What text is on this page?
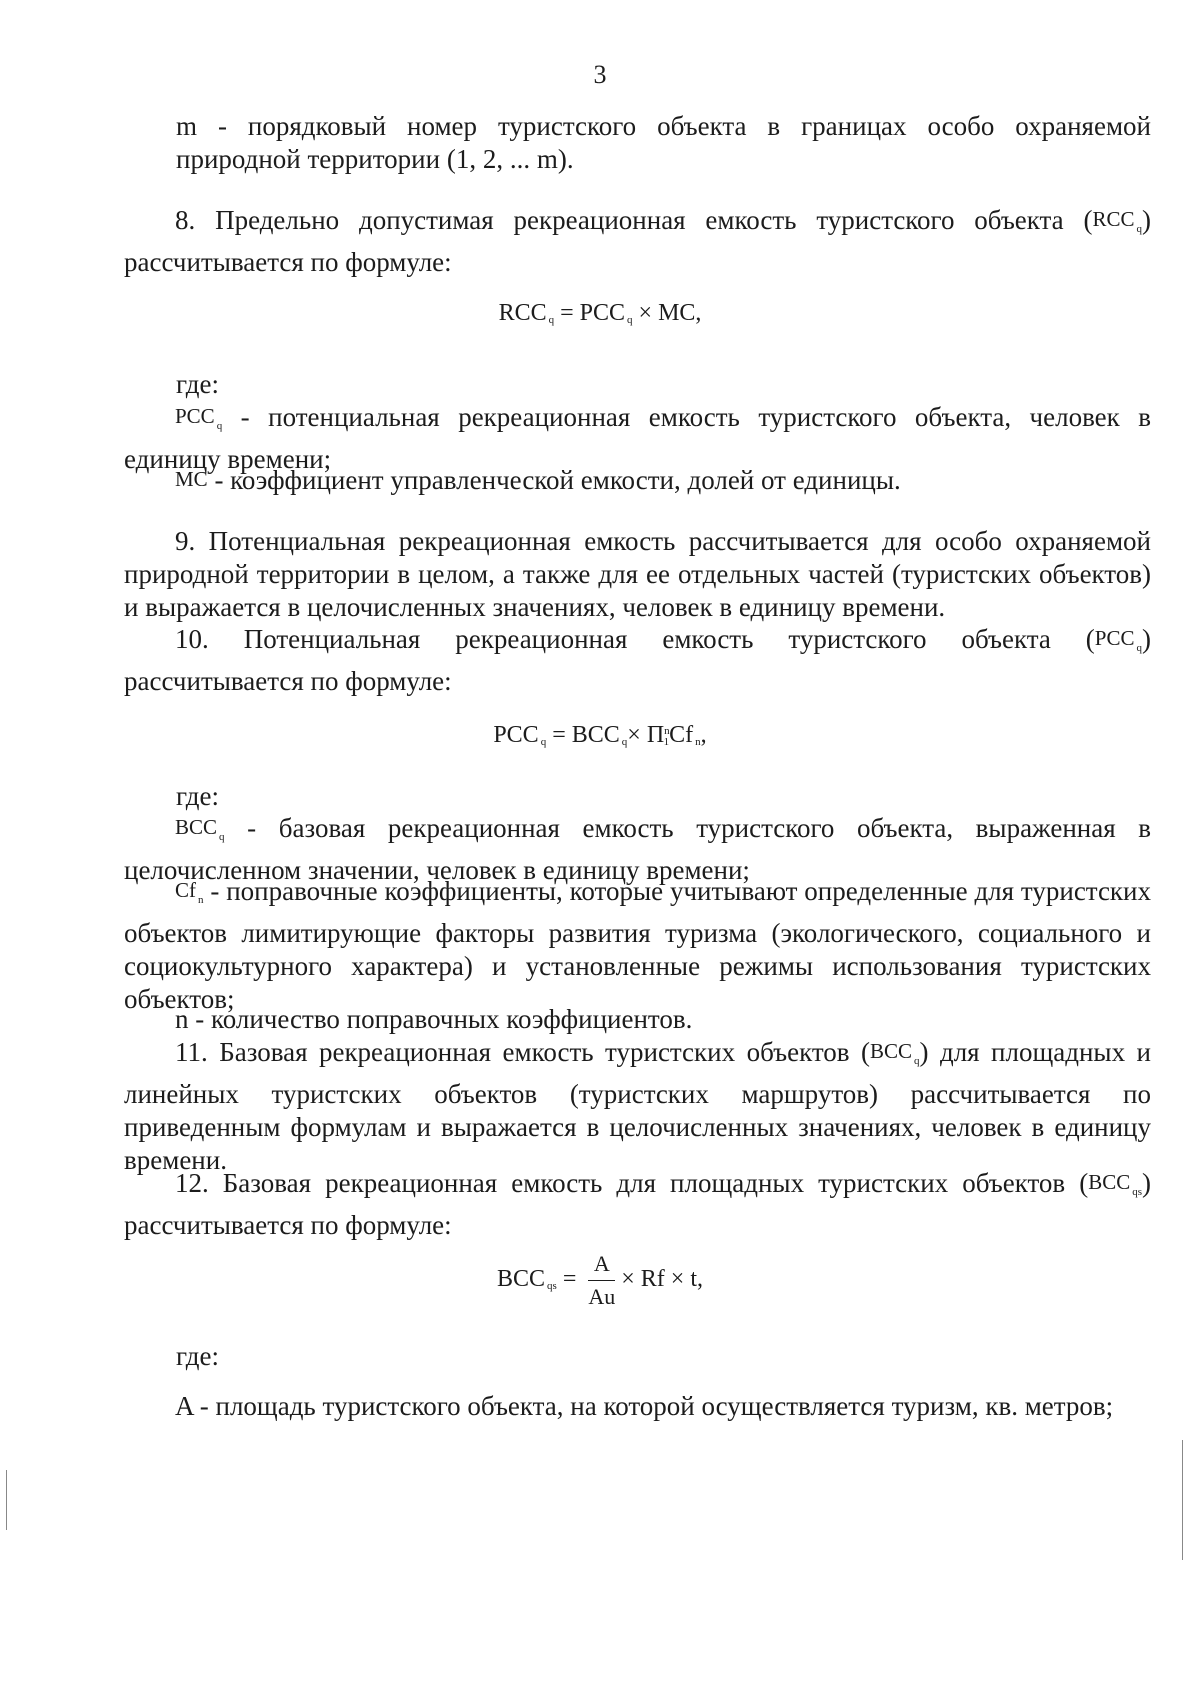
3
m - порядковый номер туристского объекта в границах особо охраняемой природной территории (1, 2, ... m).
8. Предельно допустимая рекреационная емкость туристского объекта (RCC $_q$) рассчитывается по формуле:
RCC $_q$ = PCC $_q$ × MC,
где:
PCC $_q$ - потенциальная рекреационная емкость туристского объекта, человек в единицу времени;
MC - коэффициент управленческой емкости, долей от единицы.
9. Потенциальная рекреационная емкость рассчитывается для особо охраняемой природной территории в целом, а также для ее отдельных частей (туристских объектов) и выражается в целочисленных значениях, человек в единицу времени.
10. Потенциальная рекреационная емкость туристского объекта (PCC $_q$) рассчитывается по формуле:
PCC $_q$ = BCC $_q\times П^n_1Cf$ $_n$,
где:
BCC $_q$ - базовая рекреационная емкость туристского объекта, выраженная в целочисленном значении, человек в единицу времени;
Cf $_n$ - поправочные коэффициенты, которые учитывают определенные для туристских объектов лимитирующие факторы развития туризма (экологического, социального и социокультурного характера) и установленные режимы использования туристских объектов;
n - количество поправочных коэффициентов.
11. Базовая рекреационная емкость туристских объектов (BCC $_q$) для площадных и линейных туристских объектов (туристских маршрутов) рассчитывается по приведенным формулам и выражается в целочисленных значениях, человек в единицу времени.
12. Базовая рекреационная емкость для площадных туристских объектов (BCC $_{qs}$) рассчитывается по формуле:
BCC $_{qs} = \frac{A}{Au} \times Rf \times t$,
где:
A - площадь туристского объекта, на которой осуществляется туризм, кв. метров;
